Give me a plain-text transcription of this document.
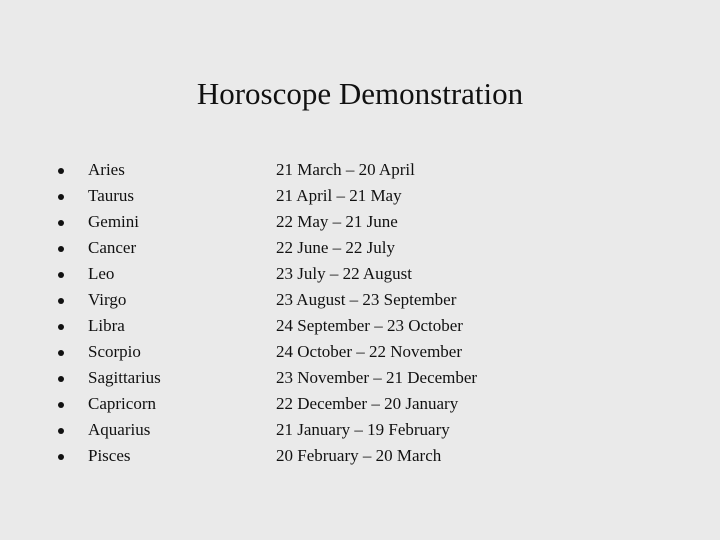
Horoscope Demonstration
Aries
Taurus
Gemini
Cancer
Leo
Virgo
Libra
Scorpio
Sagittarius
Capricorn
Aquarius
Pisces
21 March – 20 April
21 April – 21 May
22 May – 21 June
22 June – 22 July
23 July – 22 August
23 August – 23 September
24 September – 23 October
24 October – 22 November
23 November – 21 December
22 December – 20 January
21 January – 19 February
20 February – 20 March
